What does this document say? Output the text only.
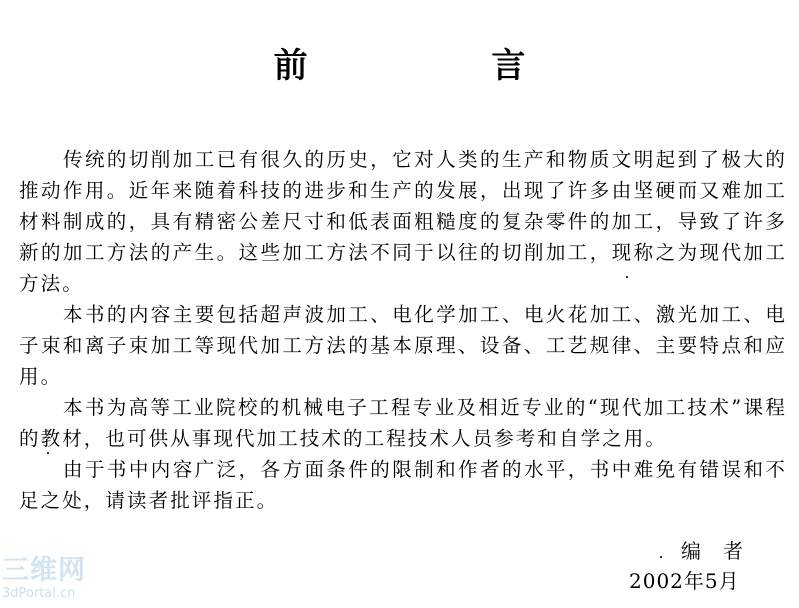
前 言

传统的切削加工已有很久的历史，它对人类的生产和物质文明起到了极大的推动作用。近年来随着科技的进步和生产的发展，出现了许多由坚硬而又难加工材料制成的，具有精密公差尺寸和低表面粗糙度的复杂零件的加工，导致了许多新的加工方法的产生。这些加工方法不同于以往的切削加工，现称之为现代加工方法。

本书的内容主要包括超声波加工、电化学加工、电火花加工、激光加工、电子束和离子束加工等现代加工方法的基本原理、设备、工艺规律、主要特点和应用。

本书为高等工业院校的机械电子工程专业及相近专业的“现代加工技术”课程的教材，也可供从事现代加工技术的工程技术人员参考和自学之用。

由于书中内容广泛，各方面条件的限制和作者的水平，书中难免有错误和不足之处，请读者批评指正。

编者
2002年5月
三维网
3dPortal.cn
